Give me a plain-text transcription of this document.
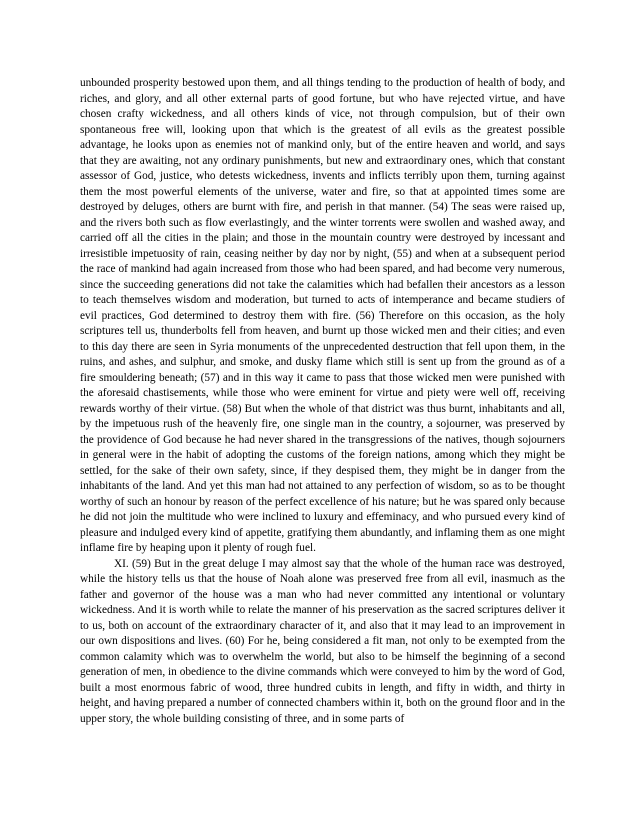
unbounded prosperity bestowed upon them, and all things tending to the production of health of body, and riches, and glory, and all other external parts of good fortune, but who have rejected virtue, and have chosen crafty wickedness, and all others kinds of vice, not through compulsion, but of their own spontaneous free will, looking upon that which is the greatest of all evils as the greatest possible advantage, he looks upon as enemies not of mankind only, but of the entire heaven and world, and says that they are awaiting, not any ordinary punishments, but new and extraordinary ones, which that constant assessor of God, justice, who detests wickedness, invents and inflicts terribly upon them, turning against them the most powerful elements of the universe, water and fire, so that at appointed times some are destroyed by deluges, others are burnt with fire, and perish in that manner. (54) The seas were raised up, and the rivers both such as flow everlastingly, and the winter torrents were swollen and washed away, and carried off all the cities in the plain; and those in the mountain country were destroyed by incessant and irresistible impetuosity of rain, ceasing neither by day nor by night, (55) and when at a subsequent period the race of mankind had again increased from those who had been spared, and had become very numerous, since the succeeding generations did not take the calamities which had befallen their ancestors as a lesson to teach themselves wisdom and moderation, but turned to acts of intemperance and became studiers of evil practices, God determined to destroy them with fire. (56) Therefore on this occasion, as the holy scriptures tell us, thunderbolts fell from heaven, and burnt up those wicked men and their cities; and even to this day there are seen in Syria monuments of the unprecedented destruction that fell upon them, in the ruins, and ashes, and sulphur, and smoke, and dusky flame which still is sent up from the ground as of a fire smouldering beneath; (57) and in this way it came to pass that those wicked men were punished with the aforesaid chastisements, while those who were eminent for virtue and piety were well off, receiving rewards worthy of their virtue. (58) But when the whole of that district was thus burnt, inhabitants and all, by the impetuous rush of the heavenly fire, one single man in the country, a sojourner, was preserved by the providence of God because he had never shared in the transgressions of the natives, though sojourners in general were in the habit of adopting the customs of the foreign nations, among which they might be settled, for the sake of their own safety, since, if they despised them, they might be in danger from the inhabitants of the land. And yet this man had not attained to any perfection of wisdom, so as to be thought worthy of such an honour by reason of the perfect excellence of his nature; but he was spared only because he did not join the multitude who were inclined to luxury and effeminacy, and who pursued every kind of pleasure and indulged every kind of appetite, gratifying them abundantly, and inflaming them as one might inflame fire by heaping upon it plenty of rough fuel.

XI. (59) But in the great deluge I may almost say that the whole of the human race was destroyed, while the history tells us that the house of Noah alone was preserved free from all evil, inasmuch as the father and governor of the house was a man who had never committed any intentional or voluntary wickedness. And it is worth while to relate the manner of his preservation as the sacred scriptures deliver it to us, both on account of the extraordinary character of it, and also that it may lead to an improvement in our own dispositions and lives. (60) For he, being considered a fit man, not only to be exempted from the common calamity which was to overwhelm the world, but also to be himself the beginning of a second generation of men, in obedience to the divine commands which were conveyed to him by the word of God, built a most enormous fabric of wood, three hundred cubits in length, and fifty in width, and thirty in height, and having prepared a number of connected chambers within it, both on the ground floor and in the upper story, the whole building consisting of three, and in some parts of
